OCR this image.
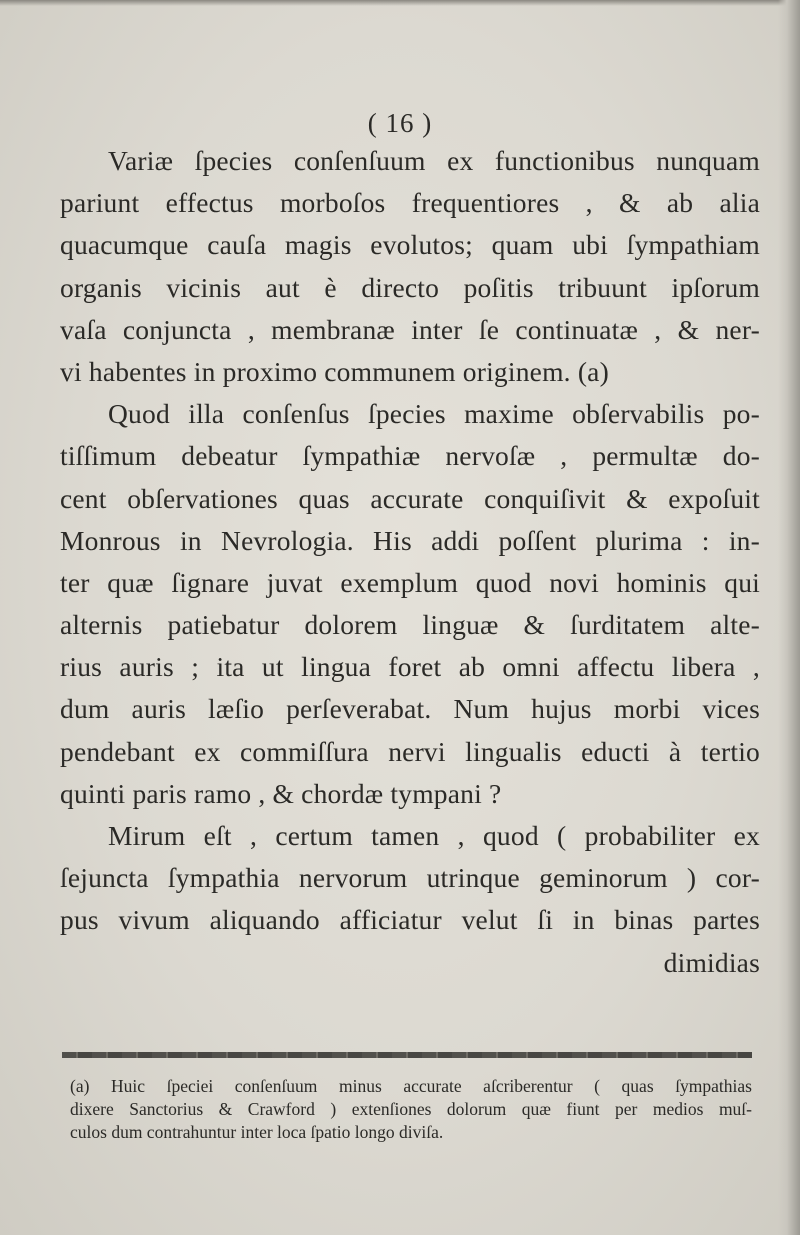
( 16 )
Variæ ſpecies conſenſuum ex functionibus nunquam
pariunt effectus morboſos frequentiores , & ab alia
quacumque cauſa magis evolutos; quam ubi ſympathiam
organis vicinis aut è directo poſitis tribuunt ipſorum
vaſa conjuncta , membranæ inter ſe continuatæ , & ner-
vi habentes in proximo communem originem. (a)
Quod illa conſenſus ſpecies maxime obſervabilis po-
tiſſimum debeatur ſympathiæ nervoſæ , permultæ do-
cent obſervationes quas accurate conquiſivit & expoſuit
Monrous in Nevrologia. His addi poſſent plurima : in-
ter quæ ſignare juvat exemplum quod novi hominis qui
alternis patiebatur dolorem linguæ & ſurditatem alte-
rius auris ; ita ut lingua foret ab omni affectu libera ,
dum auris læſio perſeverabat. Num hujus morbi vices
pendebant ex commiſſura nervi lingualis educti à tertio
quinti paris ramo , & chordæ tympani ?
Mirum eſt , certum tamen , quod ( probabiliter ex
ſejuncta ſympathia nervorum utrinque geminorum ) cor-
pus vivum aliquando afficiatur velut ſi in binas partes
dimidias
(a) Huic ſpeciei conſenſuum minus accurate aſcriberentur ( quas ſympathias
dixere Sanctorius & Crawford ) extenſiones dolorum quæ fiunt per medios muſ-
culos dum contrahuntur inter loca ſpatio longo diviſa.
